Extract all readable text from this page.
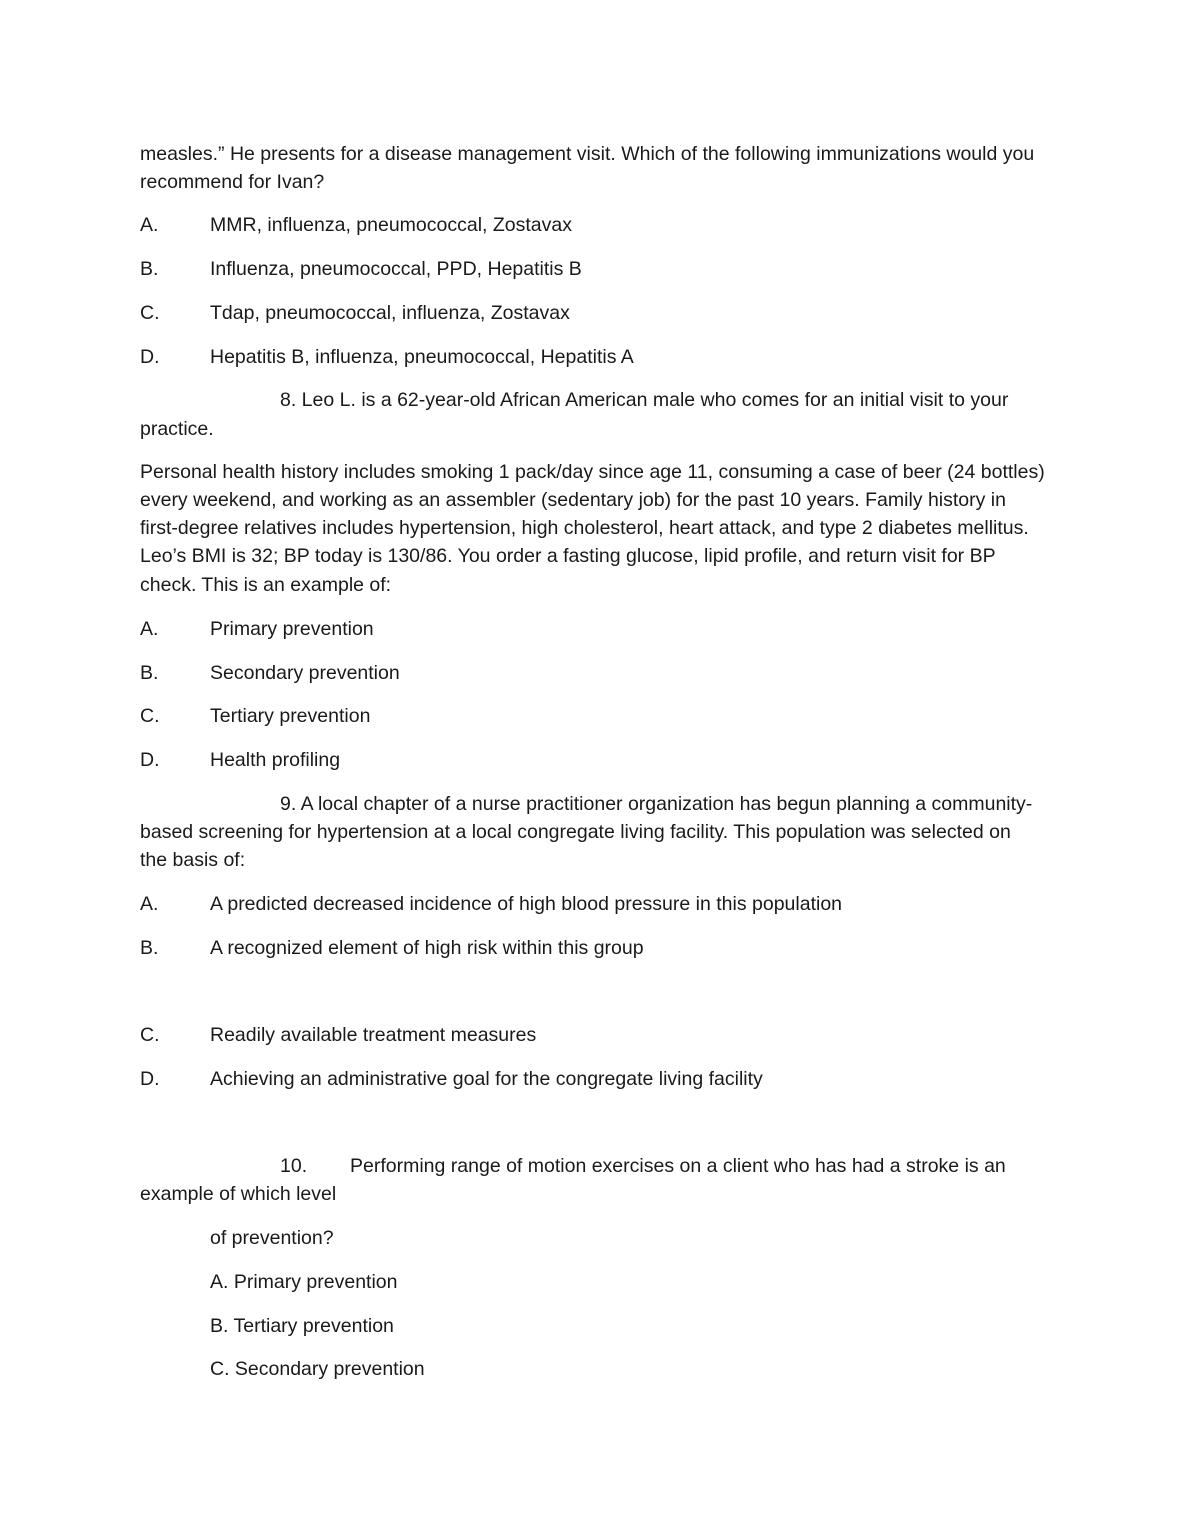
measles.” He presents for a disease management visit. Which of the following immunizations would you
recommend for Ivan?
A.	MMR, influenza, pneumococcal, Zostavax
B.	Influenza, pneumococcal, PPD, Hepatitis B
C.	Tdap, pneumococcal, influenza, Zostavax
D.	Hepatitis B, influenza, pneumococcal, Hepatitis A
8. Leo L. is a 62-year-old African American male who comes for an initial visit to your
practice.
Personal health history includes smoking 1 pack/day since age 11, consuming a case of beer (24 bottles)
every weekend, and working as an assembler (sedentary job) for the past 10 years. Family history in
first-degree relatives includes hypertension, high cholesterol, heart attack, and type 2 diabetes mellitus.
Leo’s BMI is 32; BP today is 130/86. You order a fasting glucose, lipid profile, and return visit for BP
check. This is an example of:
A.	Primary prevention
B.	Secondary prevention
C.	Tertiary prevention
D.	Health profiling
9. A local chapter of a nurse practitioner organization has begun planning a community-
based screening for hypertension at a local congregate living facility. This population was selected on
the basis of:
A.	A predicted decreased incidence of high blood pressure in this population
B.	A recognized element of high risk within this group
C.	Readily available treatment measures
D.	Achieving an administrative goal for the congregate living facility
10. Performing range of motion exercises on a client who has had a stroke is an
example of which level
of prevention?
A. Primary prevention
B. Tertiary prevention
C. Secondary prevention
